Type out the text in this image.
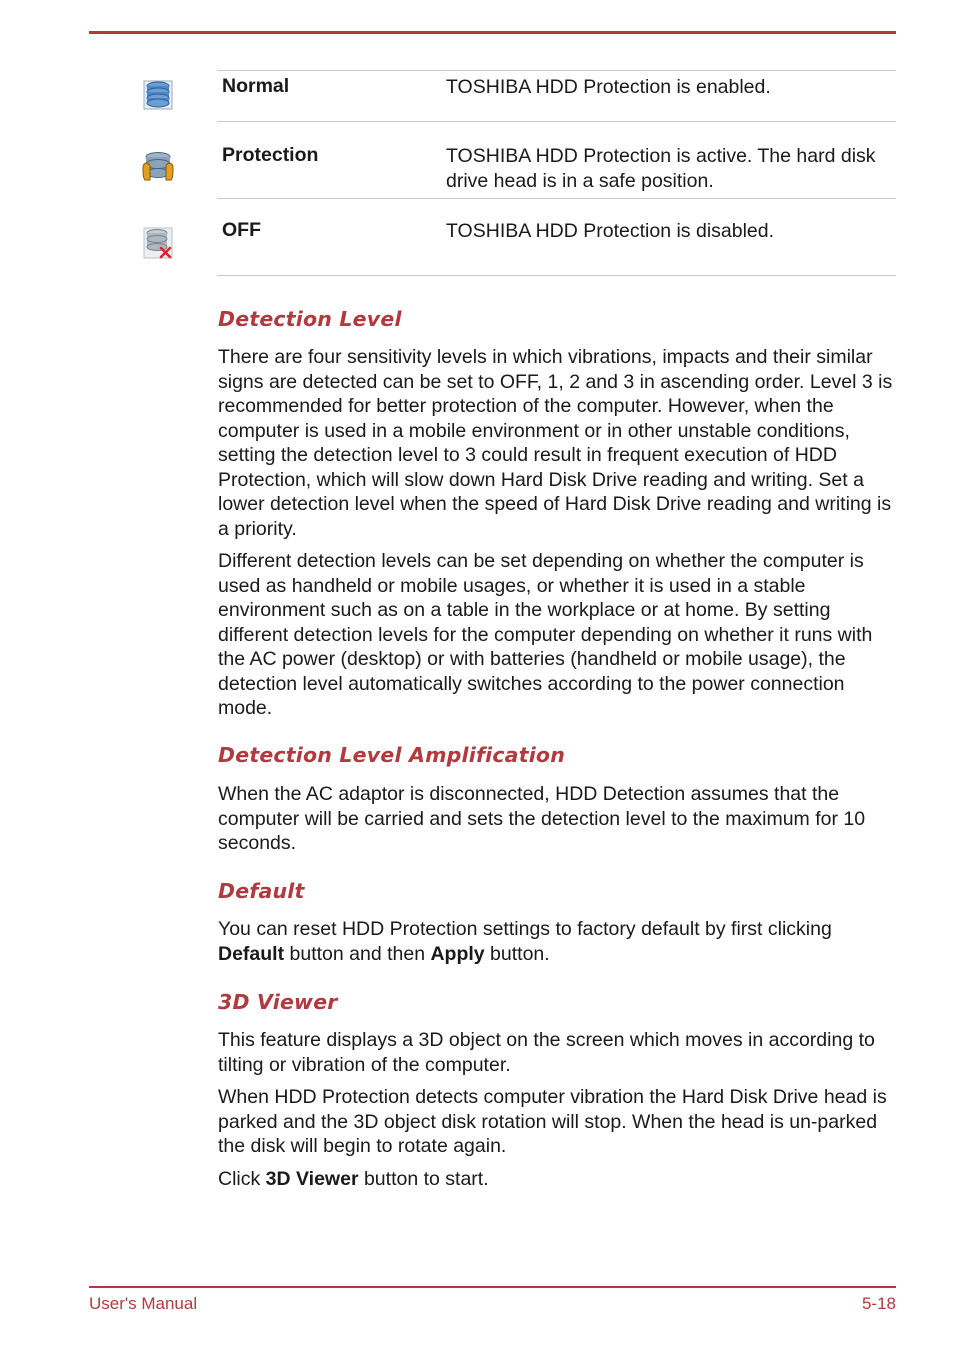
Normal	TOSHIBA HDD Protection is enabled.
Protection	TOSHIBA HDD Protection is active. The hard disk drive head is in a safe position.
OFF	TOSHIBA HDD Protection is disabled.
Detection Level

There are four sensitivity levels in which vibrations, impacts and their similar signs are detected can be set to OFF, 1, 2 and 3 in ascending order. Level 3 is recommended for better protection of the computer. However, when the computer is used in a mobile environment or in other unstable conditions, setting the detection level to 3 could result in frequent execution of HDD Protection, which will slow down Hard Disk Drive reading and writing. Set a lower detection level when the speed of Hard Disk Drive reading and writing is a priority.

Different detection levels can be set depending on whether the computer is used as handheld or mobile usages, or whether it is used in a stable environment such as on a table in the workplace or at home. By setting different detection levels for the computer depending on whether it runs with the AC power (desktop) or with batteries (handheld or mobile usage), the detection level automatically switches according to the power connection mode.

Detection Level Amplification

When the AC adaptor is disconnected, HDD Detection assumes that the computer will be carried and sets the detection level to the maximum for 10 seconds.

Default

You can reset HDD Protection settings to factory default by first clicking Default button and then Apply button.

3D Viewer

This feature displays a 3D object on the screen which moves in according to tilting or vibration of the computer.

When HDD Protection detects computer vibration the Hard Disk Drive head is parked and the 3D object disk rotation will stop. When the head is un-parked the disk will begin to rotate again.

Click 3D Viewer button to start.

User's Manual	5-18
